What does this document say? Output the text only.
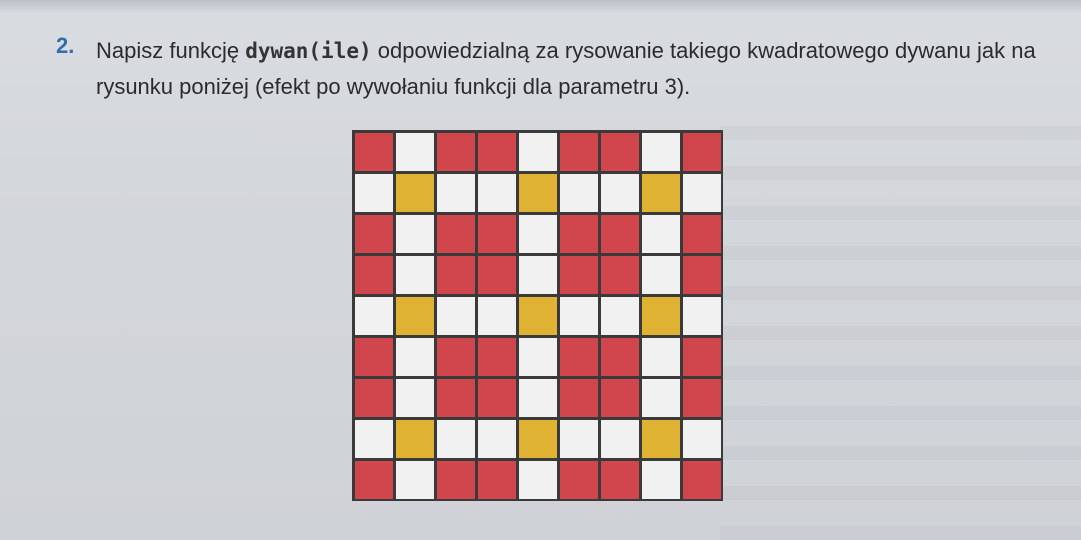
2. Napisz funkcję dywan(ile) odpowiedzialną za rysowanie takiego kwadratowego dywanu jak na rysunku poniżej (efekt po wywołaniu funkcji dla parametru 3).
